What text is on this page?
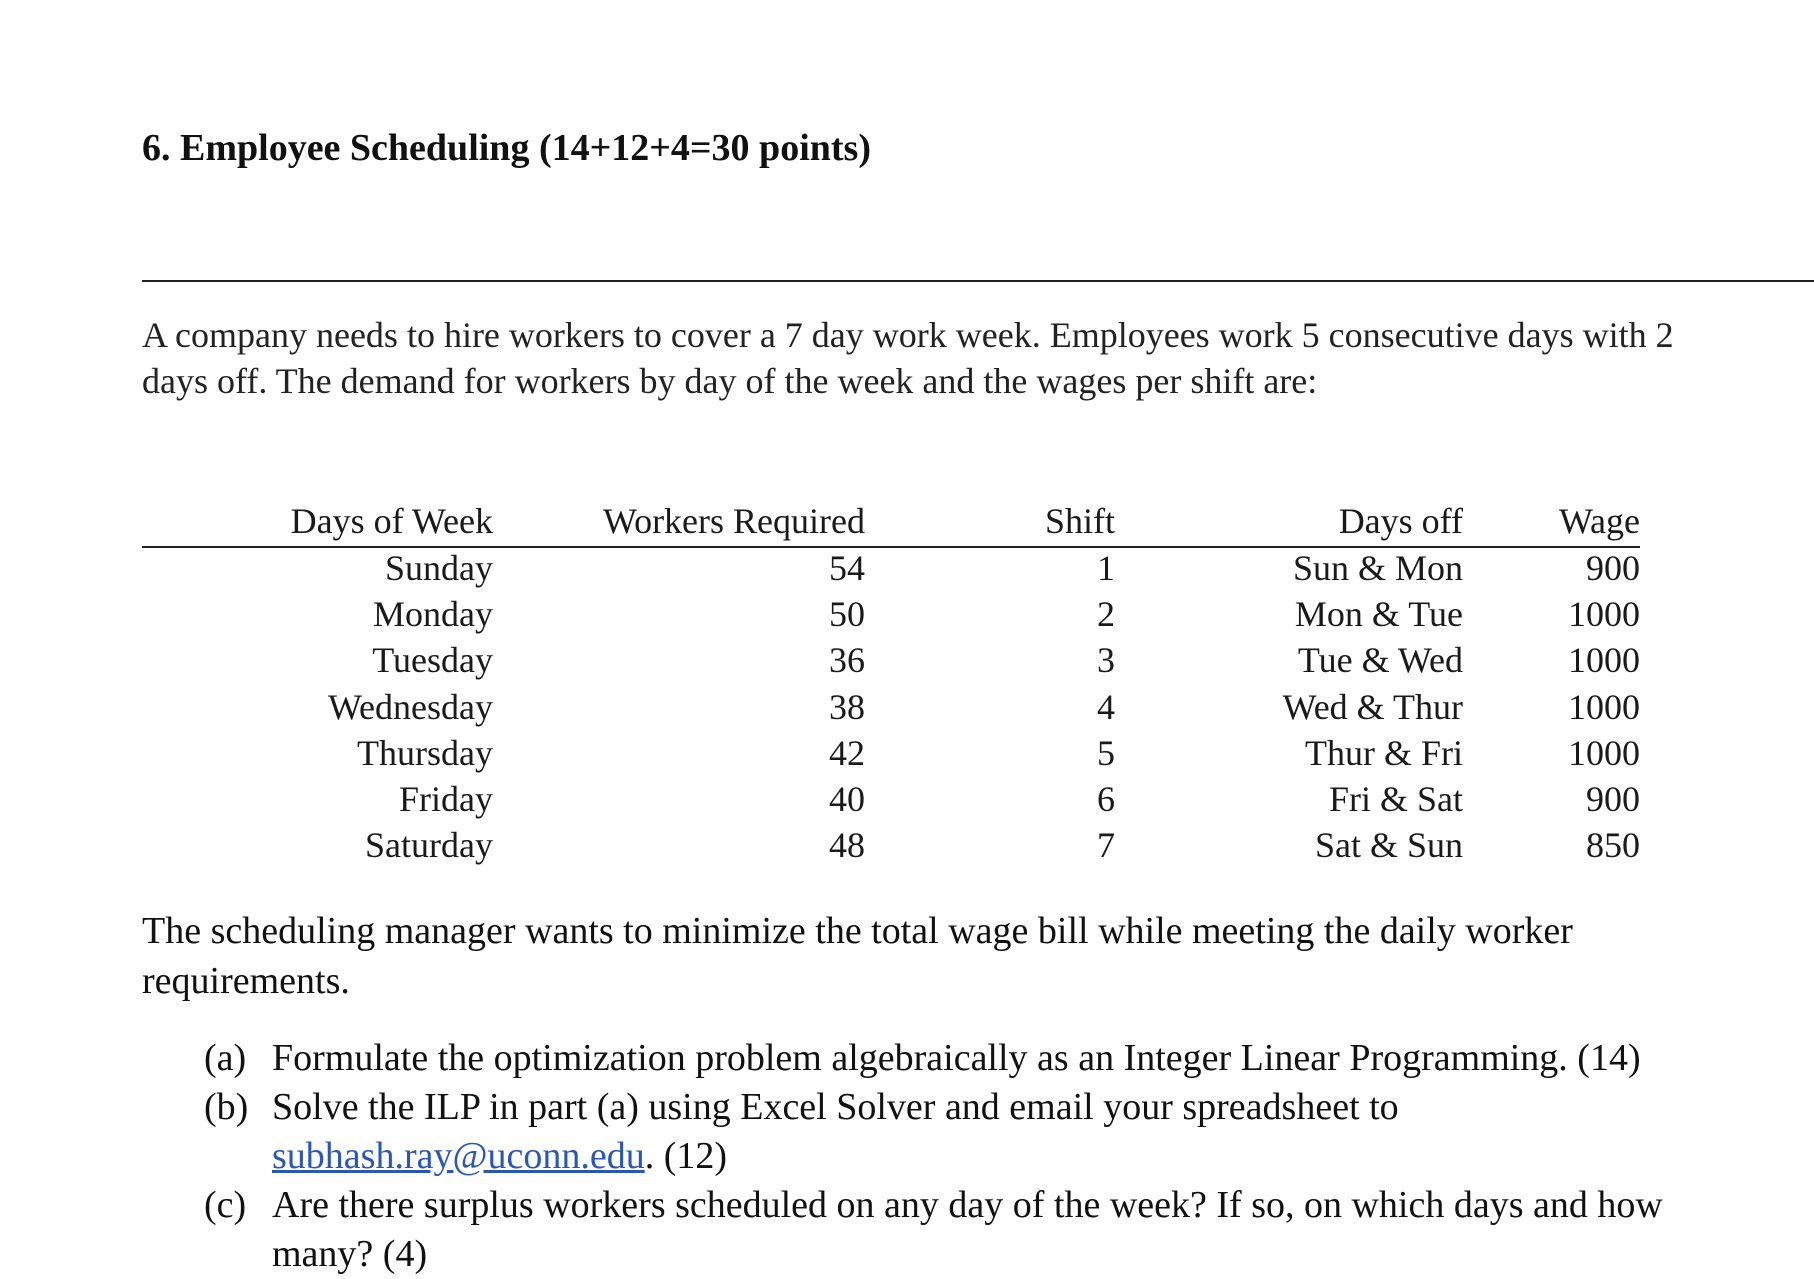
6. Employee Scheduling (14+12+4=30 points)
A company needs to hire workers to cover a 7 day work week. Employees work 5 consecutive days with 2
days off. The demand for workers by day of the week and the wages per shift are:
Days of Week	Workers Required	Shift	Days off	Wage
Sunday	54	1	Sun & Mon	900
Monday	50	2	Mon & Tue	1000
Tuesday	36	3	Tue & Wed	1000
Wednesday	38	4	Wed & Thur	1000
Thursday	42	5	Thur & Fri	1000
Friday	40	6	Fri & Sat	900
Saturday	48	7	Sat & Sun	850
The scheduling manager wants to minimize the total wage bill while meeting the daily worker
requirements.
(a) Formulate the optimization problem algebraically as an Integer Linear Programming. (14)
(b) Solve the ILP in part (a) using Excel Solver and email your spreadsheet to
subhash.ray@uconn.edu. (12)
(c) Are there surplus workers scheduled on any day of the week? If so, on which days and how
many? (4)
